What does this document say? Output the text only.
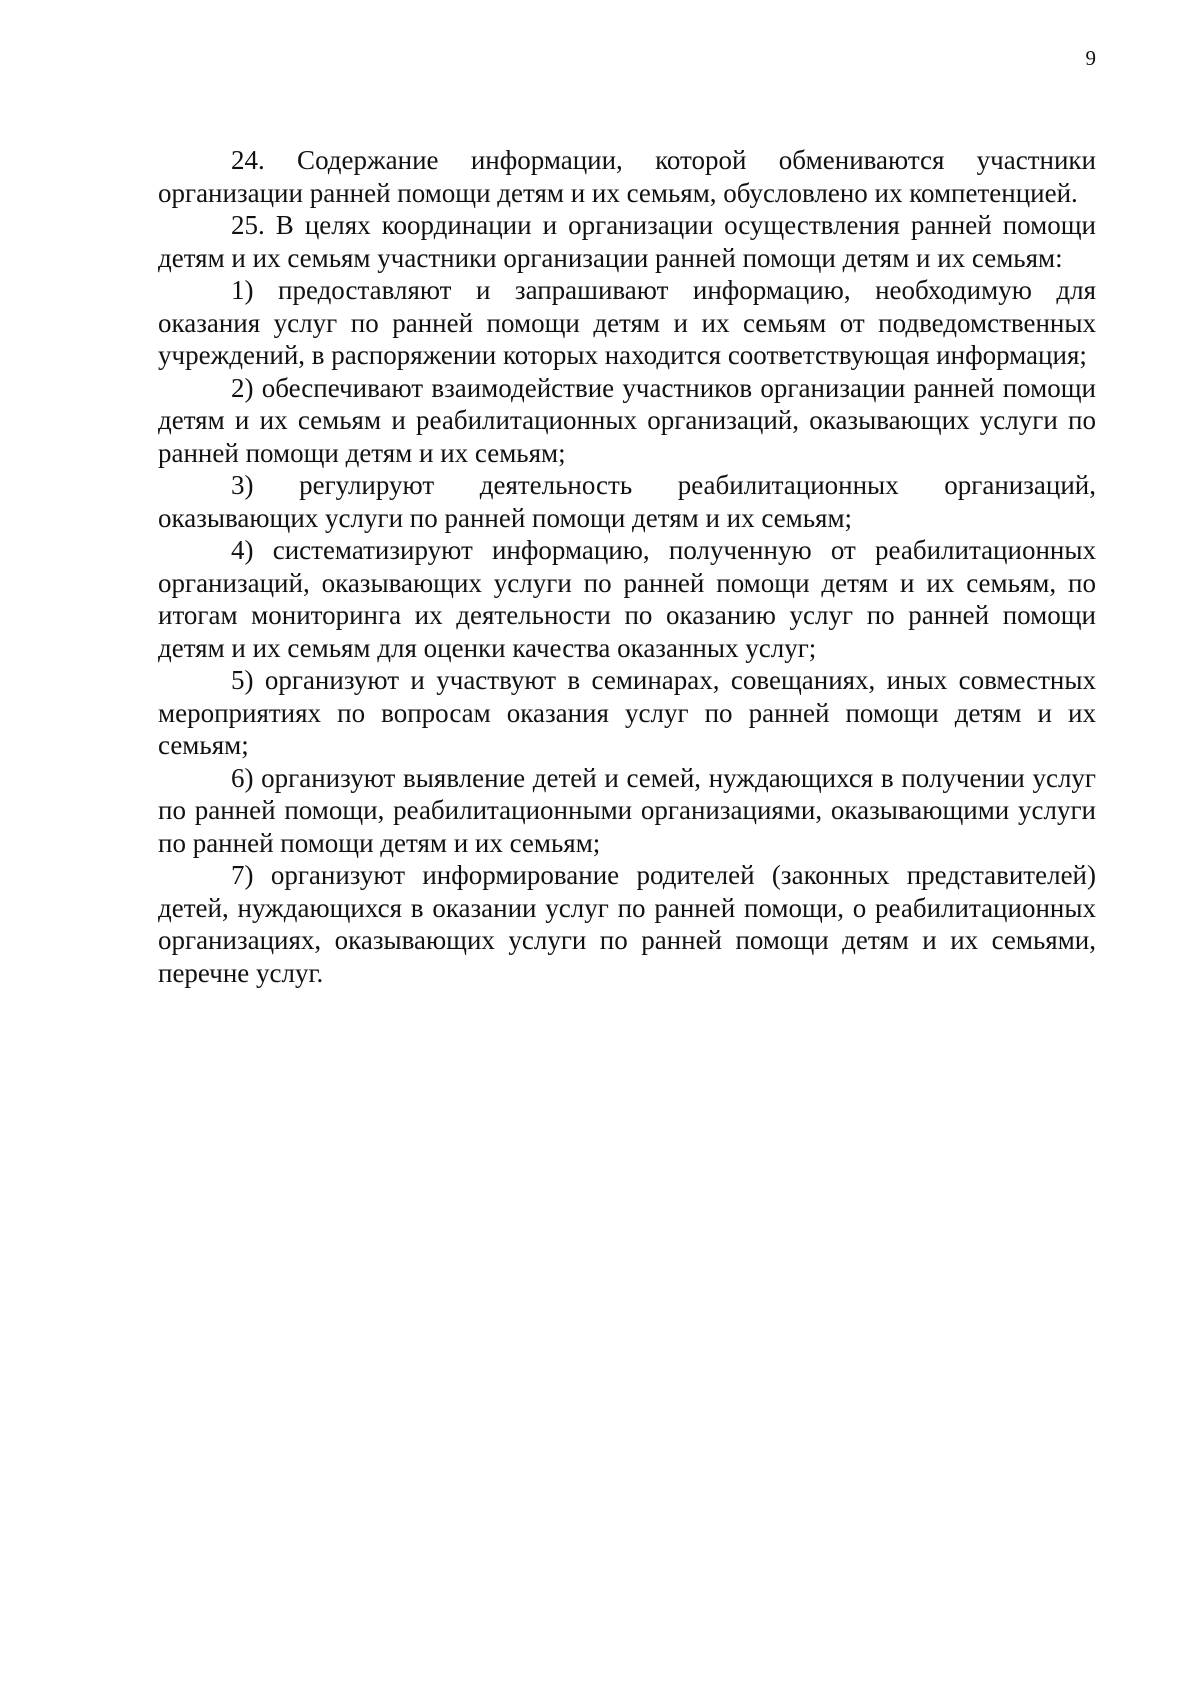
9

24. Содержание информации, которой обмениваются участники организации ранней помощи детям и их семьям, обусловлено их компетенцией.

25. В целях координации и организации осуществления ранней помощи детям и их семьям участники организации ранней помощи детям и их семьям:

1) предоставляют и запрашивают информацию, необходимую для оказания услуг по ранней помощи детям и их семьям от подведомственных учреждений, в распоряжении которых находится соответствующая информация;

2) обеспечивают взаимодействие участников организации ранней помощи детям и их семьям и реабилитационных организаций, оказывающих услуги по ранней помощи детям и их семьям;

3) регулируют деятельность реабилитационных организаций, оказывающих услуги по ранней помощи детям и их семьям;

4) систематизируют информацию, полученную от реабилитационных организаций, оказывающих услуги по ранней помощи детям и их семьям, по итогам мониторинга их деятельности по оказанию услуг по ранней помощи детям и их семьям для оценки качества оказанных услуг;

5) организуют и участвуют в семинарах, совещаниях, иных совместных мероприятиях по вопросам оказания услуг по ранней помощи детям и их семьям;

6) организуют выявление детей и семей, нуждающихся в получении услуг по ранней помощи, реабилитационными организациями, оказывающими услуги по ранней помощи детям и их семьям;

7) организуют информирование родителей (законных представителей) детей, нуждающихся в оказании услуг по ранней помощи, о реабилитационных организациях, оказывающих услуги по ранней помощи детям и их семьями, перечне услуг.
